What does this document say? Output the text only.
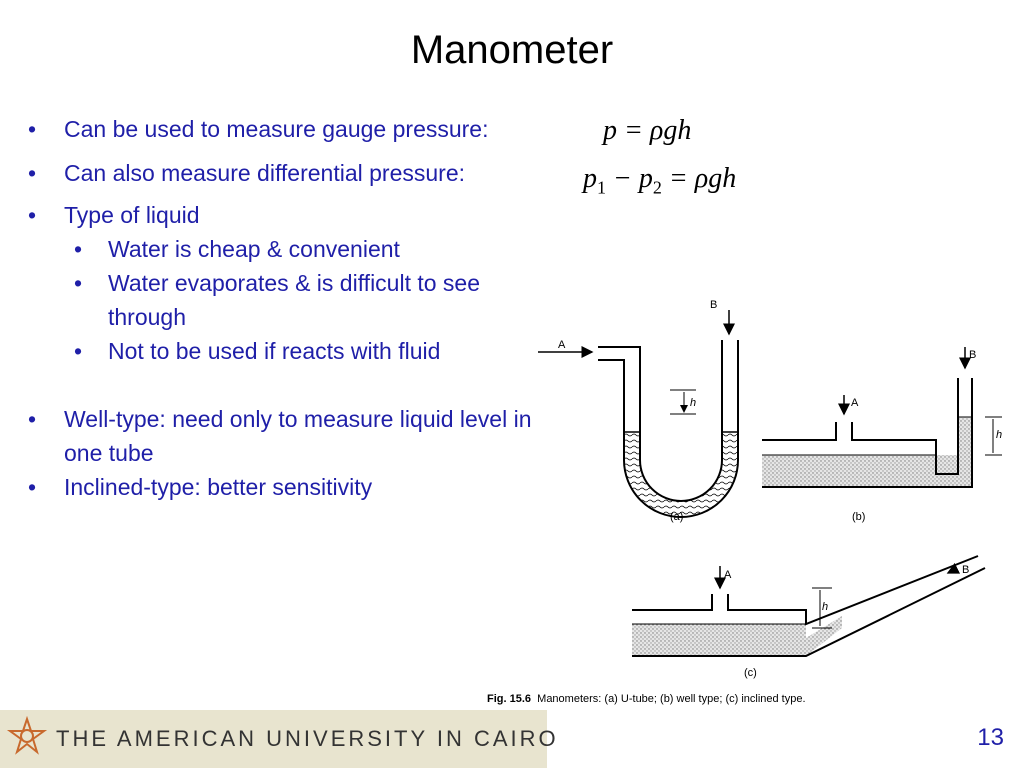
Manometer
• Can be used to measure gauge pressure:
• Can also measure differential pressure:
• Type of liquid
• Water is cheap & convenient
• Water evaporates & is difficult to see through
• Not to be used if reacts with fluid
• Well-type: need only to measure liquid level in one tube
• Inclined-type: better sensitivity
p = ρgh
$p_1 - p_2 = \rho gh$
A
B
h
(a)
A
B
h
(b)
A	B
h
(c)
Fig. 15.6 Manometers: (a) U-tube; (b) well type; (c) inclined type.
THE AMERICAN UNIVERSITY IN CAIRO	13
